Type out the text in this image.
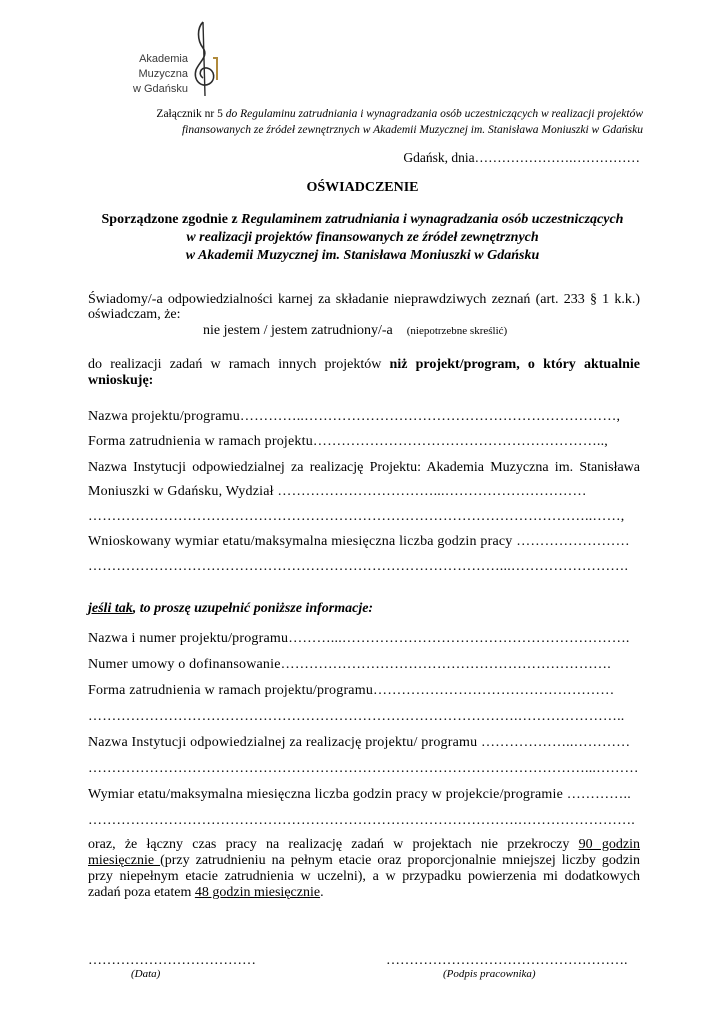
Akademia Muzyczna
w Gdańsku
Załącznik nr 5 do Regulaminu zatrudniania i wynagradzania osób uczestniczących w realizacji projektów
finansowanych ze źródeł zewnętrznych w Akademii Muzycznej im. Stanisława Moniuszki w Gdańsku
Gdańsk, dnia………………….……………
OŚWIADCZENIE
Sporządzone zgodnie z Regulaminem zatrudniania i wynagradzania osób uczestniczących
w realizacji projektów finansowanych ze źródeł zewnętrznych
w Akademii Muzycznej im. Stanisława Moniuszki w Gdańsku
Świadomy/-a odpowiedzialności karnej za składanie nieprawdziwych zeznań (art. 233 § 1 k.k.)
oświadczam, że:
nie jestem / jestem zatrudniony/-a (niepotrzebne skreślić)
do realizacji zadań w ramach innych projektów niż projekt/program, o który aktualnie
wnioskuję:
Nazwa projektu/programu…………..…………………………………………………………,
Forma zatrudnienia w ramach projektu……………………………………………………..,
Nazwa Instytucji odpowiedzialnej za realizację Projektu: Akademia Muzyczna im. Stanisława
Moniuszki w Gdańsku, Wydział ……………………………...…………………………
……………………………………………………………………………………………..……,
Wnioskowany wymiar etatu/maksymalna miesięczna liczba godzin pracy ……………………
……………………………………………………………………………...…………………….
jeśli tak, to proszę uzupełnić poniższe informacje:
Nazwa i numer projektu/programu………...…………………………………………………….
Numer umowy o dofinansowanie…………………………………………………………….
Forma zatrudnienia w ramach projektu/programu……………………………………………
……………………………………………………………………………….…………………..
Nazwa Instytucji odpowiedzialnej za realizację projektu/ programu ………………..…………
……………………………………………………………………………………………...………
Wymiar etatu/maksymalna miesięczna liczba godzin pracy w projekcie/programie …………..
……………………………………………………………………………….…………………….
oraz, że łączny czas pracy na realizację zadań w projektach nie przekroczy 90 godzin
miesięcznie (przy zatrudnieniu na pełnym etacie oraz proporcjonalnie mniejszej liczby godzin
przy niepełnym etacie zatrudnienia w uczelni), a w przypadku powierzenia mi dodatkowych
zadań poza etatem 48 godzin miesięcznie.
………………………………
(Data)
…………………………………………….
(Podpis pracownika)
